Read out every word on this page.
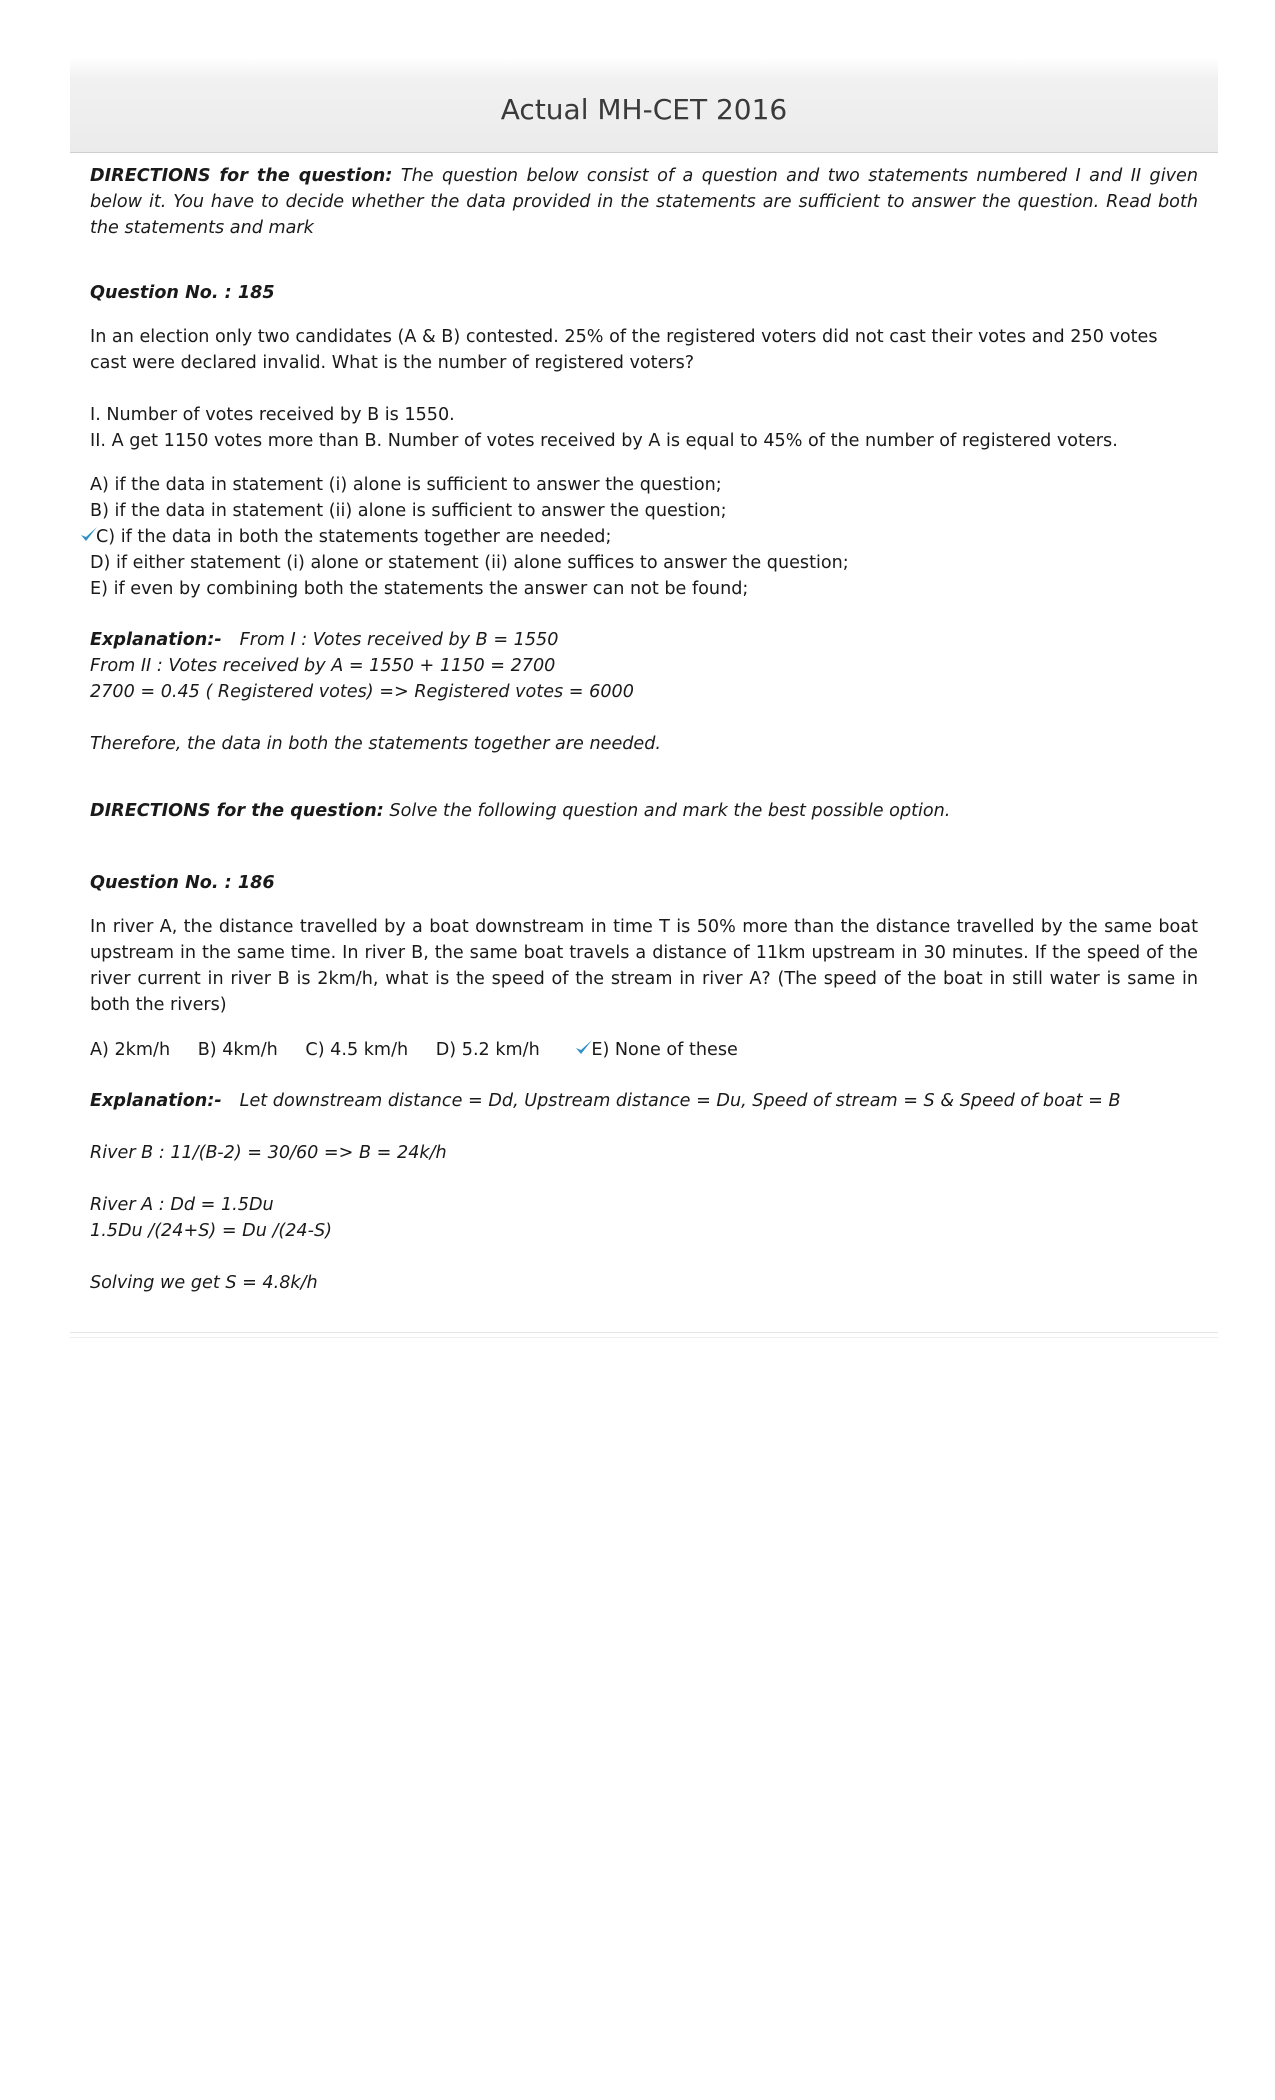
Actual MH-CET 2016

DIRECTIONS for the question: The question below consist of a question and two statements numbered I and II given below it. You have to decide whether the data provided in the statements are sufficient to answer the question. Read both the statements and mark

Question No. : 185

In an election only two candidates (A & B) contested. 25% of the registered voters did not cast their votes and 250 votes cast were declared invalid. What is the number of registered voters?

I. Number of votes received by B is 1550.

II. A get 1150 votes more than B. Number of votes received by A is equal to 45% of the number of registered voters.

A) if the data in statement (i) alone is sufficient to answer the question;

B) if the data in statement (ii) alone is sufficient to answer the question;

C) if the data in both the statements together are needed;

D) if either statement (i) alone or statement (ii) alone suffices to answer the question;

E) if even by combining both the statements the answer can not be found;

Explanation:- From I : Votes received by B = 1550

From II : Votes received by A = 1550 + 1150 = 2700

2700 = 0.45 ( Registered votes) => Registered votes = 6000

Therefore, the data in both the statements together are needed.

DIRECTIONS for the question: Solve the following question and mark the best possible option.

Question No. : 186

In river A, the distance travelled by a boat downstream in time T is 50% more than the distance travelled by the same boat upstream in the same time. In river B, the same boat travels a distance of 11km upstream in 30 minutes. If the speed of the river current in river B is 2km/h, what is the speed of the stream in river A? (The speed of the boat in still water is same in both the rivers)

A) 2km/h B) 4km/h C) 4.5 km/h D) 5.2 km/h	E) None of these

Explanation:- Let downstream distance = Dd, Upstream distance = Du, Speed of stream = S & Speed of boat = B

River B : 11/(B-2) = 30/60 => B = 24k/h

River A : Dd = 1.5Du

1.5Du /(24+S) = Du /(24-S)

Solving we get S = 4.8k/h
